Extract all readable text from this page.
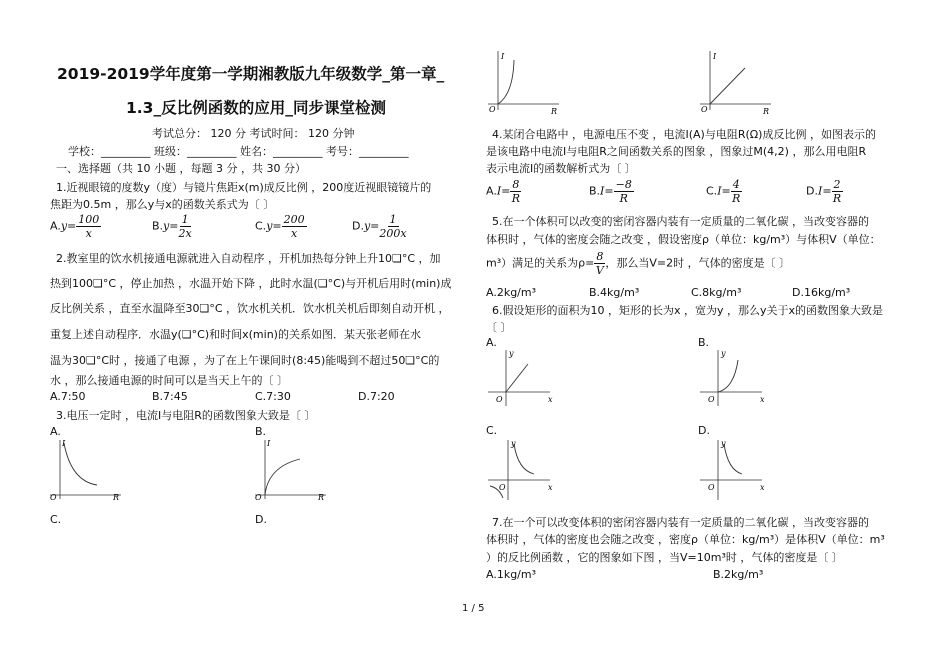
2019-2019学年度第一学期湘教版九年级数学_第一章_
1.3_反比例函数的应用_同步课堂检测
考试总分： 120 分 考试时间： 120 分钟
学校：_________ 班级：_________ 姓名：_________ 考号：_________
一、选择题（共 10 小题 ，每题 3 分 ，共 30 分）
1.近视眼镜的度数y（度）与镜片焦距x(m)成反比例 ，200度近视眼镜镜片的
焦距为0.5m ，那么y与x的函数关系式为〔 〕
$A.y= \frac{100}{x}$	$B.y= \frac{1}{2x}$	$C.y= \frac{200}{x}$	$D.y= \frac{1}{200x}$
2.教室里的饮水机接通电源就进入自动程序 ，开机加热每分钟上升10❏°C ，加
热到100❏°C ，停止加热 ，水温开始下降 ，此时水温(❏°C)与开机后用时(min)成
反比例关系 ，直至水温降至30❏°C ，饮水机关机．饮水机关机后即刻自动开机 ，
重复上述自动程序．水温y(❏°C)和时间x(min)的关系如图．某天张老师在水
温为30❏°C时 ，接通了电源 ，为了在上午课间时(8:45)能喝到不超过50❏°C的
水 ，那么接通电源的时间可以是当天上午的〔 〕
A.7:50	B.7:45	C.7:30	D.7:20
3.电压一定时 ，电流I与电阻R的函数图象大致是〔 〕
A.	B.
C.	D.
I
R
O
I
R
O
I
R
O
I
R
O
4.某闭合电路中 ，电源电压不变 ，电流I(A)与电阻R(Ω)成反比例 ，如图表示的
是该电路中电流I与电阻R之间函数关系的图象 ，图象过M(4,2) ，那么用电阻R
表示电流I的函数解析式为〔 〕
$A.I= \frac{8}{R}$	$B.I= \frac{-8}{R}$	$C.I= \frac{4}{R}$	$D.I= \frac{2}{R}$
5.在一个体积可以改变的密闭容器内装有一定质量的二氧化碳 ，当改变容器的
体积时 ，气体的密度会随之改变 ，假设密度ρ（单位：kg/m³）与体积V（单位：
m³）满足的关系为$\rho= \frac{8}{V}$ ，那么当V=2时 ，气体的密度是〔 〕
A.2kg/m³	B.4kg/m³	C.8kg/m³	D.16kg/m³
6.假设矩形的面积为10 ，矩形的长为x ，宽为y ，那么y关于x的函数图象大致是
〔 〕
A.	B.
C.	D.
y
x
O
y
x
O
y
x
O
y
x
O
7.在一个可以改变体积的密闭容器内装有一定质量的二氧化碳 ，当改变容器的
体积时 ，气体的密度也会随之改变 ，密度ρ（单位：kg/m³）是体积V（单位：m³
）的反比例函数 ，它的图象如下图 ，当V=10m³时 ，气体的密度是〔 〕
A.1kg/m³	B.2kg/m³
1 / 5
